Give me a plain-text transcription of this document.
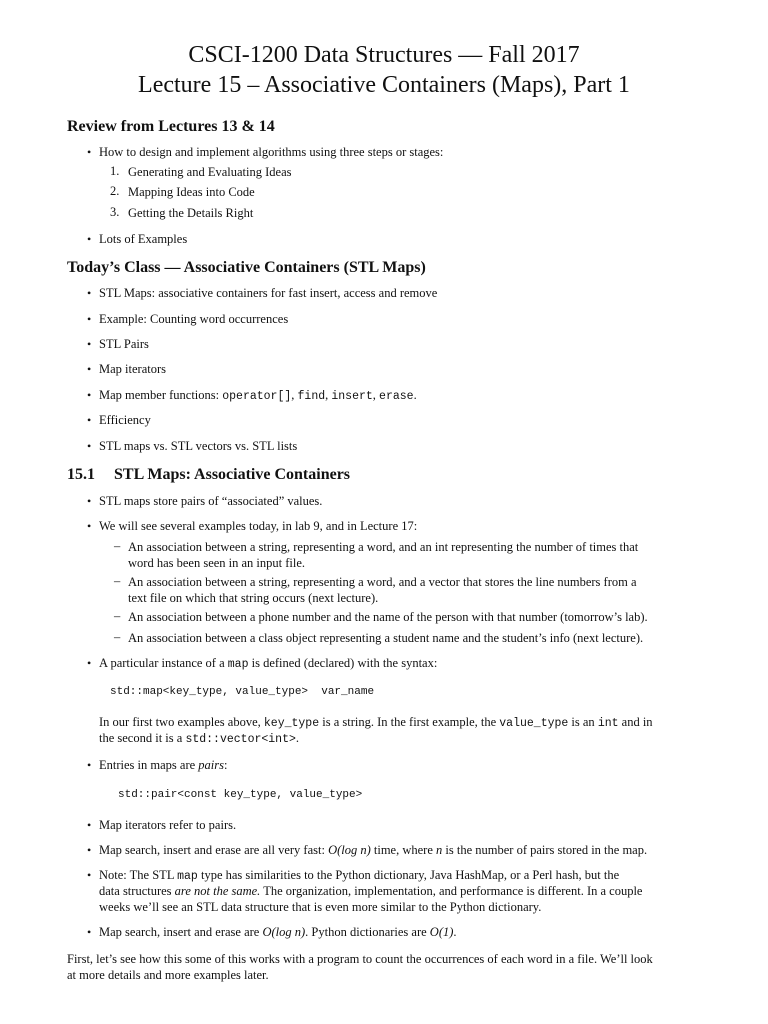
CSCI-1200 Data Structures — Fall 2017
Lecture 15 – Associative Containers (Maps), Part 1
Review from Lectures 13 & 14
• How to design and implement algorithms using three steps or stages:
1. Generating and Evaluating Ideas
2. Mapping Ideas into Code
3. Getting the Details Right
• Lots of Examples
Today’s Class — Associative Containers (STL Maps)
• STL Maps: associative containers for fast insert, access and remove
• Example: Counting word occurrences
• STL Pairs
• Map iterators
• Map member functions: operator[], find, insert, erase.
• Efficiency
• STL maps vs. STL vectors vs. STL lists
15.1 STL Maps: Associative Containers
• STL maps store pairs of “associated” values.
• We will see several examples today, in lab 9, and in Lecture 17:
– An association between a string, representing a word, and an int representing the number of times that
word has been seen in an input file.
– An association between a string, representing a word, and a vector that stores the line numbers from a
text file on which that string occurs (next lecture).
– An association between a phone number and the name of the person with that number (tomorrow’s lab).
– An association between a class object representing a student name and the student’s info (next lecture).
• A particular instance of a map is defined (declared) with the syntax:
std::map<key_type, value_type>  var_name
In our first two examples above, key_type is a string. In the first example, the value_type is an int and in
the second it is a std::vector<int>.
• Entries in maps are pairs:
std::pair<const key_type, value_type>
• Map iterators refer to pairs.
• Map search, insert and erase are all very fast: O(log n) time, where n is the number of pairs stored in the map.
• Note: The STL map type has similarities to the Python dictionary, Java HashMap, or a Perl hash, but the
data structures are not the same. The organization, implementation, and performance is different. In a couple
weeks we’ll see an STL data structure that is even more similar to the Python dictionary.
• Map search, insert and erase are O(log n). Python dictionaries are O(1).
First, let’s see how this some of this works with a program to count the occurrences of each word in a file. We’ll look
at more details and more examples later.
